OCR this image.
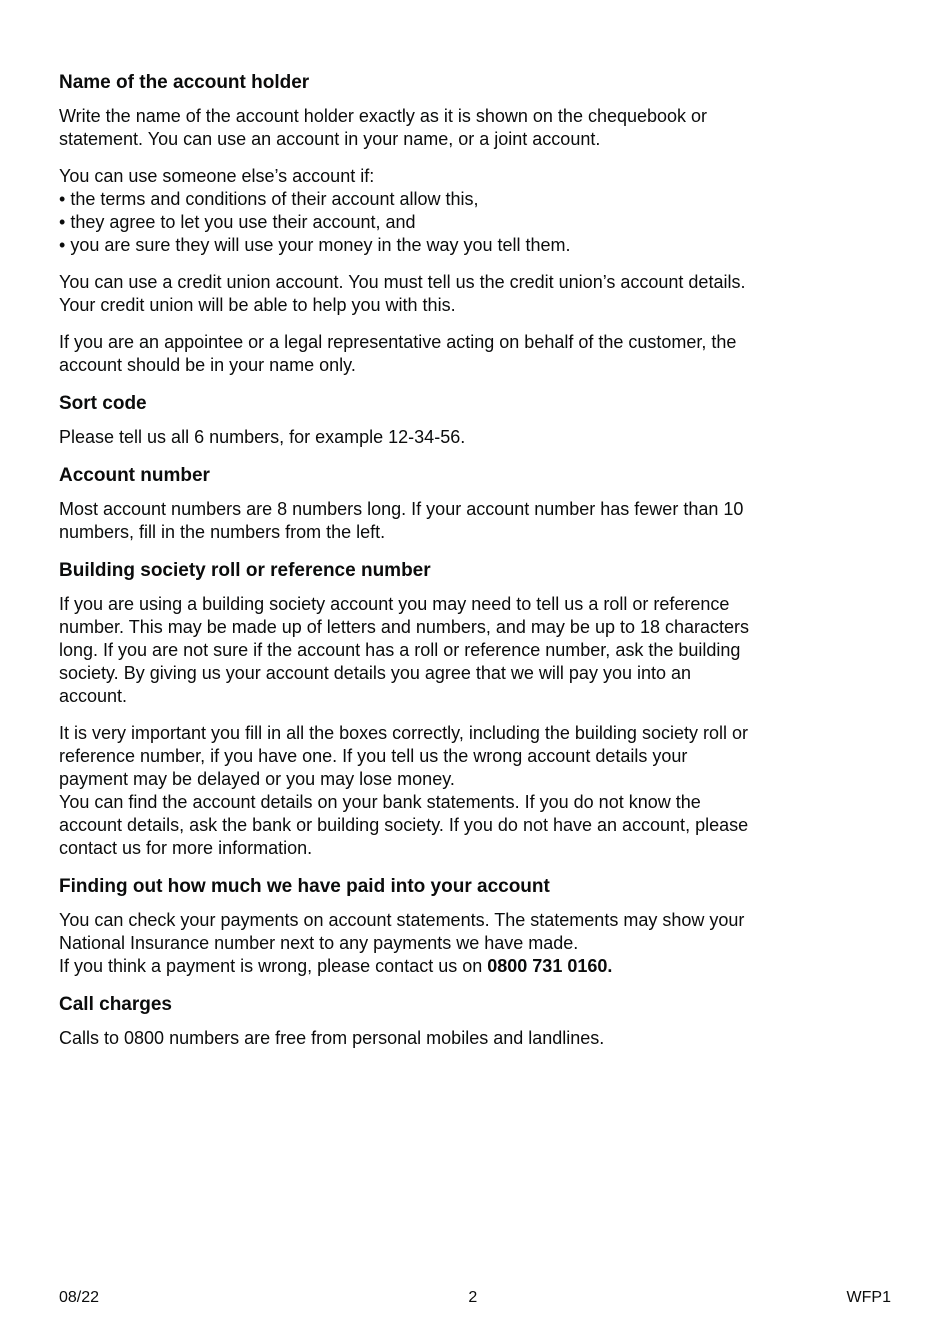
Name of the account holder

Write the name of the account holder exactly as it is shown on the chequebook or statement. You can use an account in your name, or a joint account.

You can use someone else’s account if:

• the terms and conditions of their account allow this,
• they agree to let you use their account, and
• you are sure they will use your money in the way you tell them.

You can use a credit union account. You must tell us the credit union’s account details. Your credit union will be able to help you with this.

If you are an appointee or a legal representative acting on behalf of the customer, the account should be in your name only.

Sort code

Please tell us all 6 numbers, for example 12-34-56.

Account number

Most account numbers are 8 numbers long. If your account number has fewer than 10 numbers, fill in the numbers from the left.

Building society roll or reference number

If you are using a building society account you may need to tell us a roll or reference number. This may be made up of letters and numbers, and may be up to 18 characters long. If you are not sure if the account has a roll or reference number, ask the building society. By giving us your account details you agree that we will pay you into an account.

It is very important you fill in all the boxes correctly, including the building society roll or reference number, if you have one. If you tell us the wrong account details your payment may be delayed or you may lose money.
You can find the account details on your bank statements. If you do not know the account details, ask the bank or building society. If you do not have an account, please contact us for more information.

Finding out how much we have paid into your account

You can check your payments on account statements. The statements may show your National Insurance number next to any payments we have made.
If you think a payment is wrong, please contact us on 0800 731 0160.

Call charges

Calls to 0800 numbers are free from personal mobiles and landlines.

08/22	2	WFP1
